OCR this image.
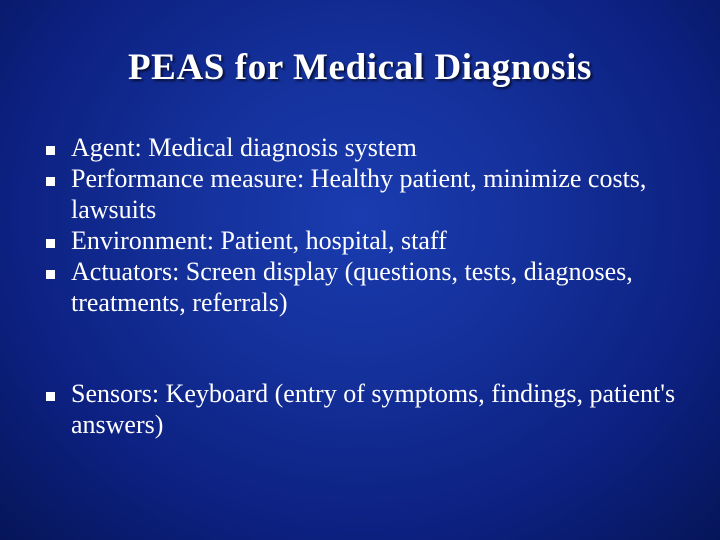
PEAS for Medical Diagnosis
Agent: Medical diagnosis system
Performance measure: Healthy patient, minimize costs, lawsuits
Environment: Patient, hospital, staff
Actuators: Screen display (questions, tests, diagnoses, treatments, referrals)
Sensors: Keyboard (entry of symptoms, findings, patient's answers)
